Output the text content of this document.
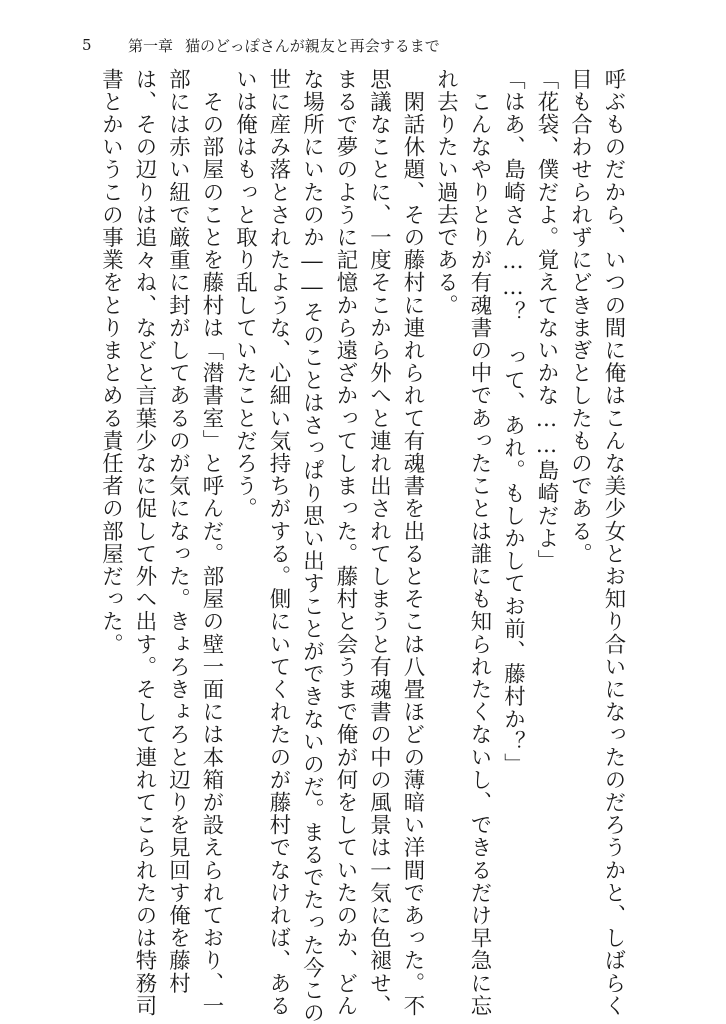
5	第一章 猫のどっぽさんが親友と再会するまで
呼ぶものだから、いつの間に俺はこんな美少女とお知り合いになったのだろうかと、しばらく
目も合わせられずにどきまぎとしたものである。
「花袋、僕だよ。覚えてないかな……島崎だよ」
「はあ、島崎さん……？　って、あれ。もしかしてお前、藤村か？」
　こんなやりとりが有魂書の中であったことは誰にも知られたくないし、できるだけ早急に忘
れ去りたい過去である。
　閑話休題、その藤村に連れられて有魂書を出るとそこは八畳ほどの薄暗い洋間であった。不
思議なことに、一度そこから外へと連れ出されてしまうと有魂書の中の風景は一気に色褪せ、
まるで夢のように記憶から遠ざかってしまった。藤村と会うまで俺が何をしていたのか、どん
な場所にいたのか――そのことはさっぱり思い出すことができないのだ。まるでたった今この
世に産み落とされたような、心細い気持ちがする。側にいてくれたのが藤村でなければ、ある
いは俺はもっと取り乱していたことだろう。
　その部屋のことを藤村は「潜書室」と呼んだ。部屋の壁一面には本箱が設えられており、一
部には赤い紐で厳重に封がしてあるのが気になった。きょろきょろと辺りを見回す俺を藤村
は、その辺りは追々ね、などと言葉少なに促して外へ出す。そして連れてこられたのは特務司
書とかいうこの事業をとりまとめる責任者の部屋だった。
